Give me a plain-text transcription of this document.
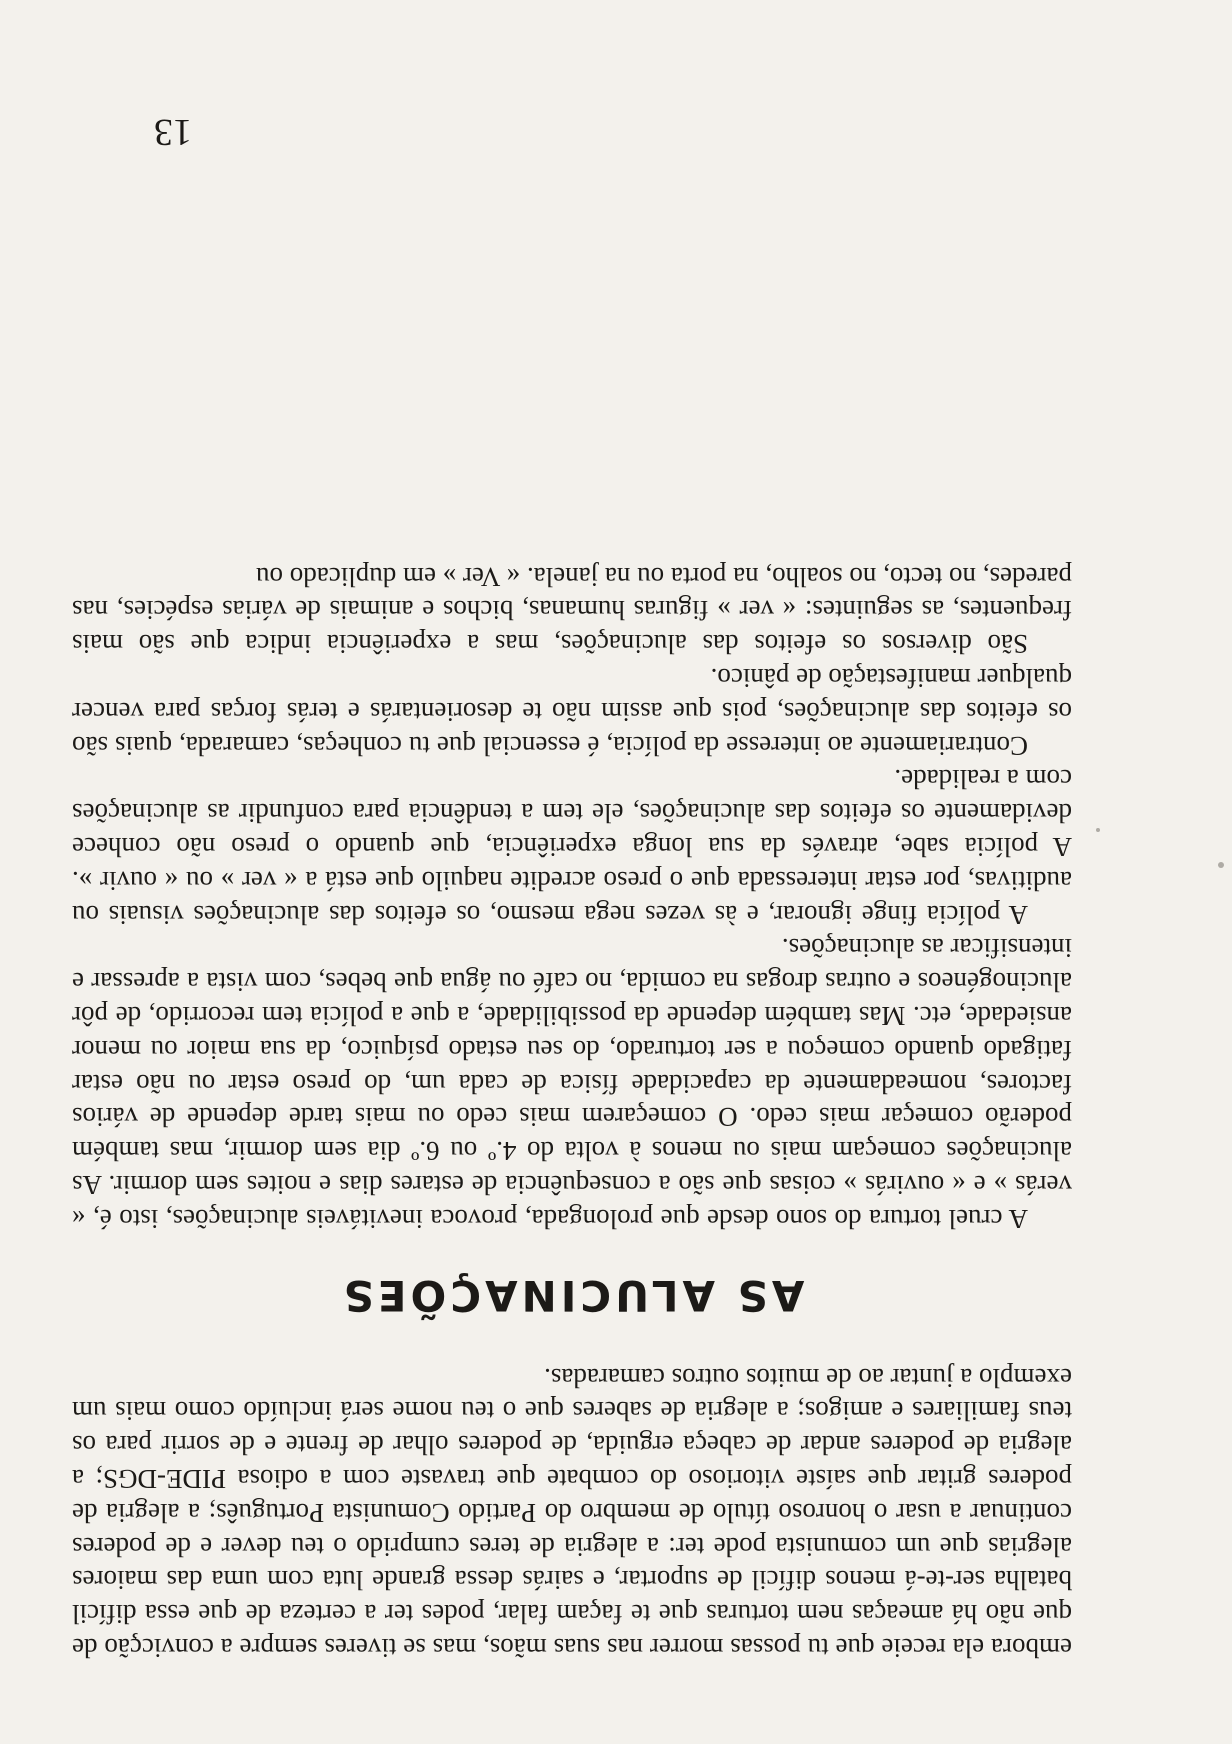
embora ela receie que tu possas morrer nas suas mãos, mas se tiveres sempre a convicção de que não há ameaças nem torturas que te façam falar, podes ter a certeza de que essa difícil batalha ser-te-á menos difícil de suportar, e sairás dessa grande luta com uma das maiores alegrias que um comunista pode ter: a alegria de teres cumprido o teu dever e de poderes continuar a usar o honroso título de membro do Partido Comunista Português; a alegria de poderes gritar que saíste vitorioso do combate que travaste com a odiosa PIDE-DGS; a alegria de poderes andar de cabeça erguida, de poderes olhar de frente e de sorrir para os teus familiares e amigos; a alegria de saberes que o teu nome será incluído como mais um exemplo a juntar ao de muitos outros camaradas.

AS ALUCINAÇÕES

A cruel tortura do sono desde que prolongada, provoca inevitáveis alucinações, isto é, « verás » e « ouvirás » coisas que são a consequência de estares dias e noites sem dormir. As alucinações começam mais ou menos à volta do 4.º ou 6.º dia sem dormir, mas também poderão começar mais cedo. O começarem mais cedo ou mais tarde depende de vários factores, nomeadamente da capacidade física de cada um, do preso estar ou não estar fatigado quando começou a ser torturado, do seu estado psíquico, da sua maior ou menor ansiedade, etc. Mas também depende da possibilidade, a que a polícia tem recorrido, de pôr alucinogéneos e outras drogas na comida, no café ou água que bebes, com vista a apressar e intensificar as alucinações.

A polícia finge ignorar, e às vezes nega mesmo, os efeitos das alucinações visuais ou auditivas, por estar interessada que o preso acredite naquilo que está a « ver » ou « ouvir ». A polícia sabe, através da sua longa experiência, que quando o preso não conhece devidamente os efeitos das alucinações, ele tem a tendência para confundir as alucinações com a realidade.

Contrariamente ao interesse da polícia, é essencial que tu conheças, camarada, quais são os efeitos das alucinações, pois que assim não te desorientarás e terás forças para vencer qualquer manifestação de pânico.

São diversos os efeitos das alucinações, mas a experiência indica que são mais frequentes, as seguintes: « ver » figuras humanas, bichos e animais de várias espécies, nas paredes, no tecto, no soalho, na porta ou na janela. « Ver » em duplicado ou

13
